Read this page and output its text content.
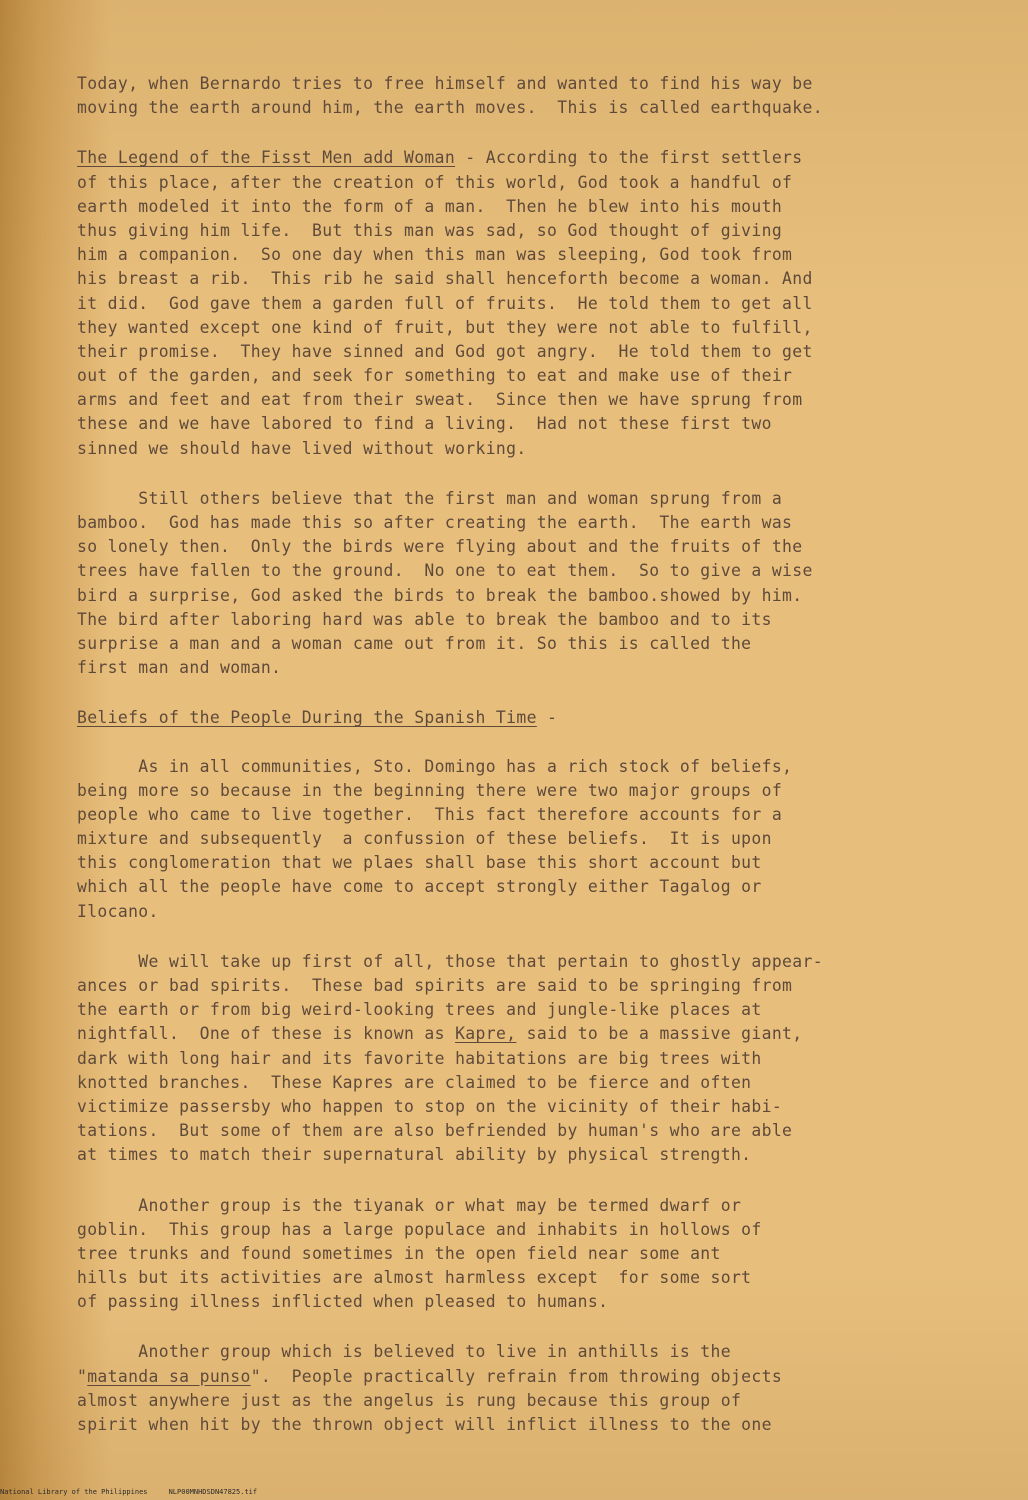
Today, when Bernardo tries to free himself and wanted to find his way be
moving the earth around him, the earth moves.  This is called earthquake.
The Legend of the Fisst Men add Woman - According to the first settlers
of this place, after the creation of this world, God took a handful of
earth modeled it into the form of a man.  Then he blew into his mouth
thus giving him life.  But this man was sad, so God thought of giving
him a companion.  So one day when this man was sleeping, God took from
his breast a rib.  This rib he said shall henceforth become a woman. And
it did.  God gave them a garden full of fruits.  He told them to get all
they wanted except one kind of fruit, but they were not able to fulfill,
their promise.  They have sinned and God got angry.  He told them to get
out of the garden, and seek for something to eat and make use of their
arms and feet and eat from their sweat.  Since then we have sprung from
these and we have labored to find a living.  Had not these first two
sinned we should have lived without working.
Still others believe that the first man and woman sprung from a
bamboo.  God has made this so after creating the earth.  The earth was
so lonely then.  Only the birds were flying about and the fruits of the
trees have fallen to the ground.  No one to eat them.  So to give a wise
bird a surprise, God asked the birds to break the bamboo.showed by him.
The bird after laboring hard was able to break the bamboo and to its
surprise a man and a woman came out from it. So this is called the
first man and woman.
Beliefs of the People During the Spanish Time -
As in all communities, Sto. Domingo has a rich stock of beliefs,
being more so because in the beginning there were two major groups of
people who came to live together.  This fact therefore accounts for a
mixture and subsequently  a confussion of these beliefs.  It is upon
this conglomeration that we plaes shall base this short account but
which all the people have come to accept strongly either Tagalog or
Ilocano.
We will take up first of all, those that pertain to ghostly appear-
ances or bad spirits.  These bad spirits are said to be springing from
the earth or from big weird-looking trees and jungle-like places at
nightfall.  One of these is known as Kapre, said to be a massive giant,
dark with long hair and its favorite habitations are big trees with
knotted branches.  These Kapres are claimed to be fierce and often
victimize passersby who happen to stop on the vicinity of their habi-
tations.  But some of them are also befriended by human's who are able
at times to match their supernatural ability by physical strength.
Another group is the tiyanak or what may be termed dwarf or
goblin.  This group has a large populace and inhabits in hollows of
tree trunks and found sometimes in the open field near some ant
hills but its activities are almost harmless except  for some sort
of passing illness inflicted when pleased to humans.
Another group which is believed to live in anthills is the
"matanda sa punso".  People practically refrain from throwing objects
almost anywhere just as the angelus is rung because this group of
spirit when hit by the thrown object will inflict illness to the one
National Library of the Philippines	NLP00MNHDSDN47825.tif
